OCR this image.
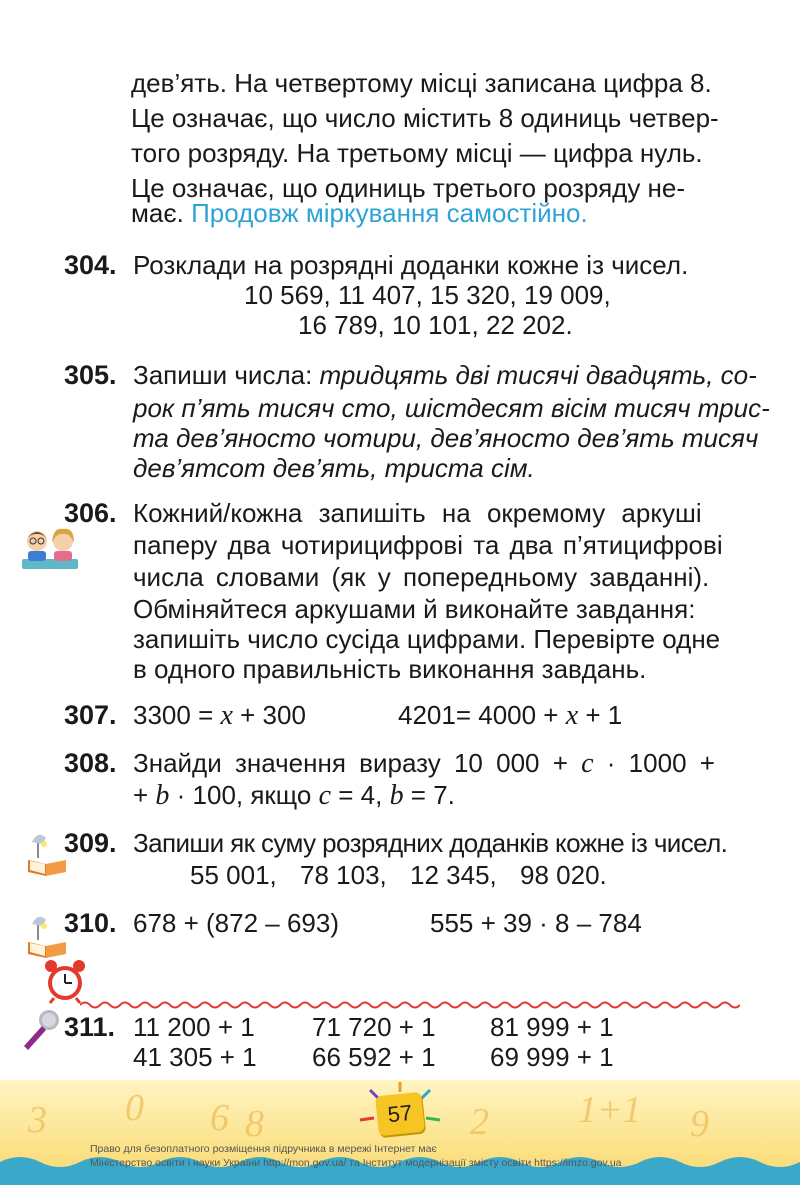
дев’ять. На четвертому місці записана цифра 8.
Це означає, що число містить 8 одиниць четвер-
того розряду. На третьому місці — цифра нуль.
Це означає, що одиниць третього розряду не-
має. Продовж міркування самостійно.
304. Розклади на розрядні доданки кожне із чисел.
10 569, 11 407, 15 320, 19 009,
16 789, 10 101, 22 202.
305. Запиши числа: тридцять дві тисячі двадцять, со-
рок п’ять тисяч сто, шістдесят вісім тисяч трис-
та дев’яносто чотири, дев’яносто дев’ять тисяч
дев’ятсот дев’ять, триста сім.
306. Кожний/кожна запишіть на окремому аркуші
паперу два чотирицифрові та два п’ятицифрові
числа словами (як у попередньому завданні).
Обміняйтеся аркушами й виконайте завдання:
запишіть число сусіда цифрами. Перевірте одне
в одного правильність виконання завдань.
307. 3300 = x + 300	4201= 4000 + x + 1
308. Знайди значення виразу 10 000 + c · 1000 +
+ b · 100, якщо c = 4, b = 7.
309. Запиши як суму розрядних доданків кожне із чисел.
55 001, 78 103, 12 345, 98 020.
310. 678 + (872 – 693)	555 + 39 · 8 – 784
311. 11 200 + 1 71 720 + 1 81 999 + 1
41 305 + 1 66 592 + 1 69 999 + 1
3 0 6 8	2 1+1 9
57
Право для безоплатного розміщення підручника в мережі Інтернет має
Міністерство освіти і науки України http://mon.gov.ua/ та Інститут модернізації змісту освіти https://imzo.gov.ua
